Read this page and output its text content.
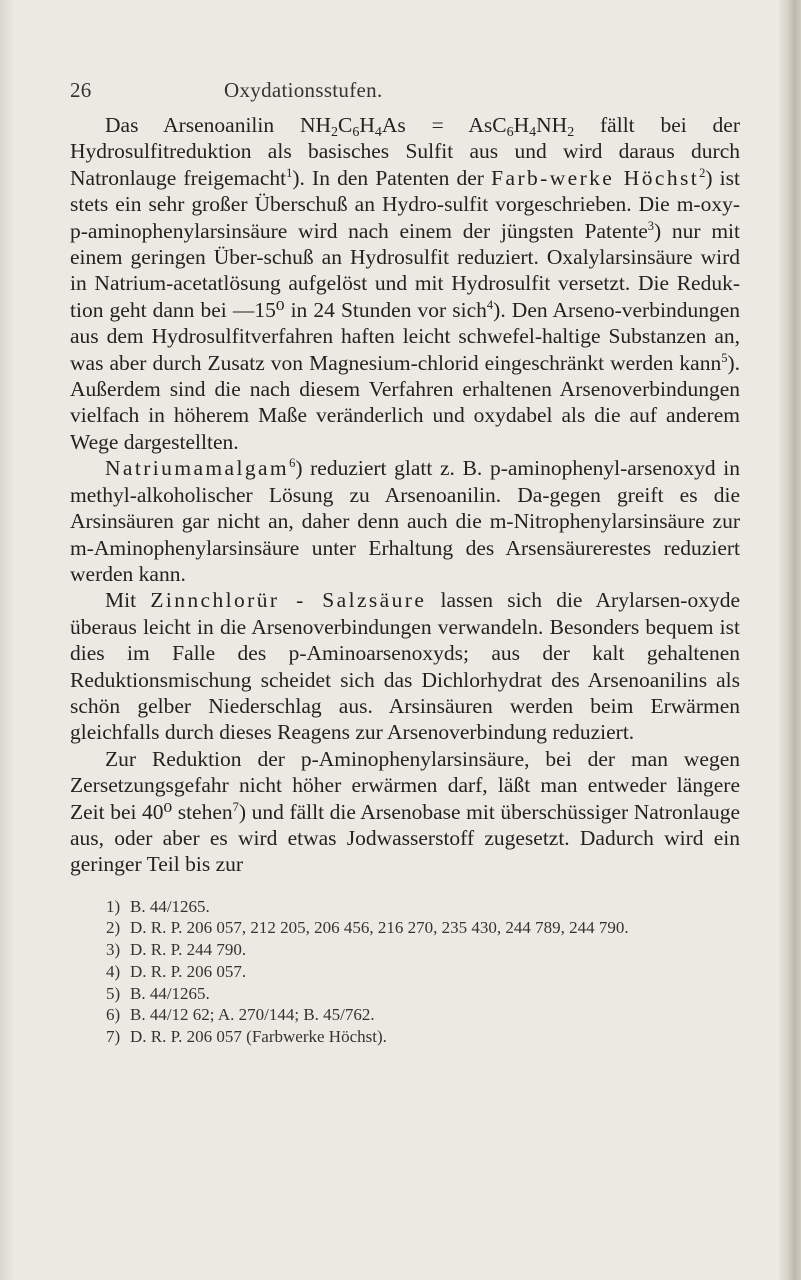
26	Oxydationsstufen.

Das Arsenoanilin $NH_2C_6H_4As = AsC_6H_4NH_2$ fällt bei der Hydrosulfitreduktion als basisches Sulfit aus und wird daraus durch Natronlauge freigemacht$^1$). In den Patenten der Farb-werke Höchst$^2$) ist stets ein sehr großer Überschuß an Hydro-sulfit vorgeschrieben. Die m-oxy-p-aminophenylarsinsäure wird nach einem der jüngsten Patente$^3$) nur mit einem geringen Über-schuß an Hydrosulfit reduziert. Oxalylarsinsäure wird in Natrium-acetatlösung aufgelöst und mit Hydrosulfit versetzt. Die Reduk-tion geht dann bei —15⁰ in 24 Stunden vor sich$^4$). Den Arseno-verbindungen aus dem Hydrosulfitverfahren haften leicht schwefel-haltige Substanzen an, was aber durch Zusatz von Magnesium-chlorid eingeschränkt werden kann$^5$). Außerdem sind die nach diesem Verfahren erhaltenen Arsenoverbindungen vielfach in höherem Maße veränderlich und oxydabel als die auf anderem Wege dargestellten.

Natriumamalgam$^6$) reduziert glatt z. B. p-aminophenyl-arsenoxyd in methyl-alkoholischer Lösung zu Arsenoanilin. Da-gegen greift es die Arsinsäuren gar nicht an, daher denn auch die m-Nitrophenylarsinsäure zur m-Aminophenylarsinsäure unter Erhaltung des Arsensäurerestes reduziert werden kann.

Mit Zinnchlorür - Salzsäure lassen sich die Arylarsen-oxyde überaus leicht in die Arsenoverbindungen verwandeln. Besonders bequem ist dies im Falle des p-Aminoarsenoxyds; aus der kalt gehaltenen Reduktionsmischung scheidet sich das Dichlorhydrat des Arsenoanilins als schön gelber Niederschlag aus. Arsinsäuren werden beim Erwärmen gleichfalls durch dieses Reagens zur Arsenoverbindung reduziert.

Zur Reduktion der p-Aminophenylarsinsäure, bei der man wegen Zersetzungsgefahr nicht höher erwärmen darf, läßt man entweder längere Zeit bei 40⁰ stehen$^7$) und fällt die Arsenobase mit überschüssiger Natronlauge aus, oder aber es wird etwas Jodwasserstoff zugesetzt. Dadurch wird ein geringer Teil bis zur

1) B. 44/1265.
2) D. R. P. 206 057, 212 205, 206 456, 216 270, 235 430, 244 789, 244 790.
3) D. R. P. 244 790.
4) D. R. P. 206 057.
5) B. 44/1265.
6) B. 44/12 62; A. 270/144; B. 45/762.
7) D. R. P. 206 057 (Farbwerke Höchst).
